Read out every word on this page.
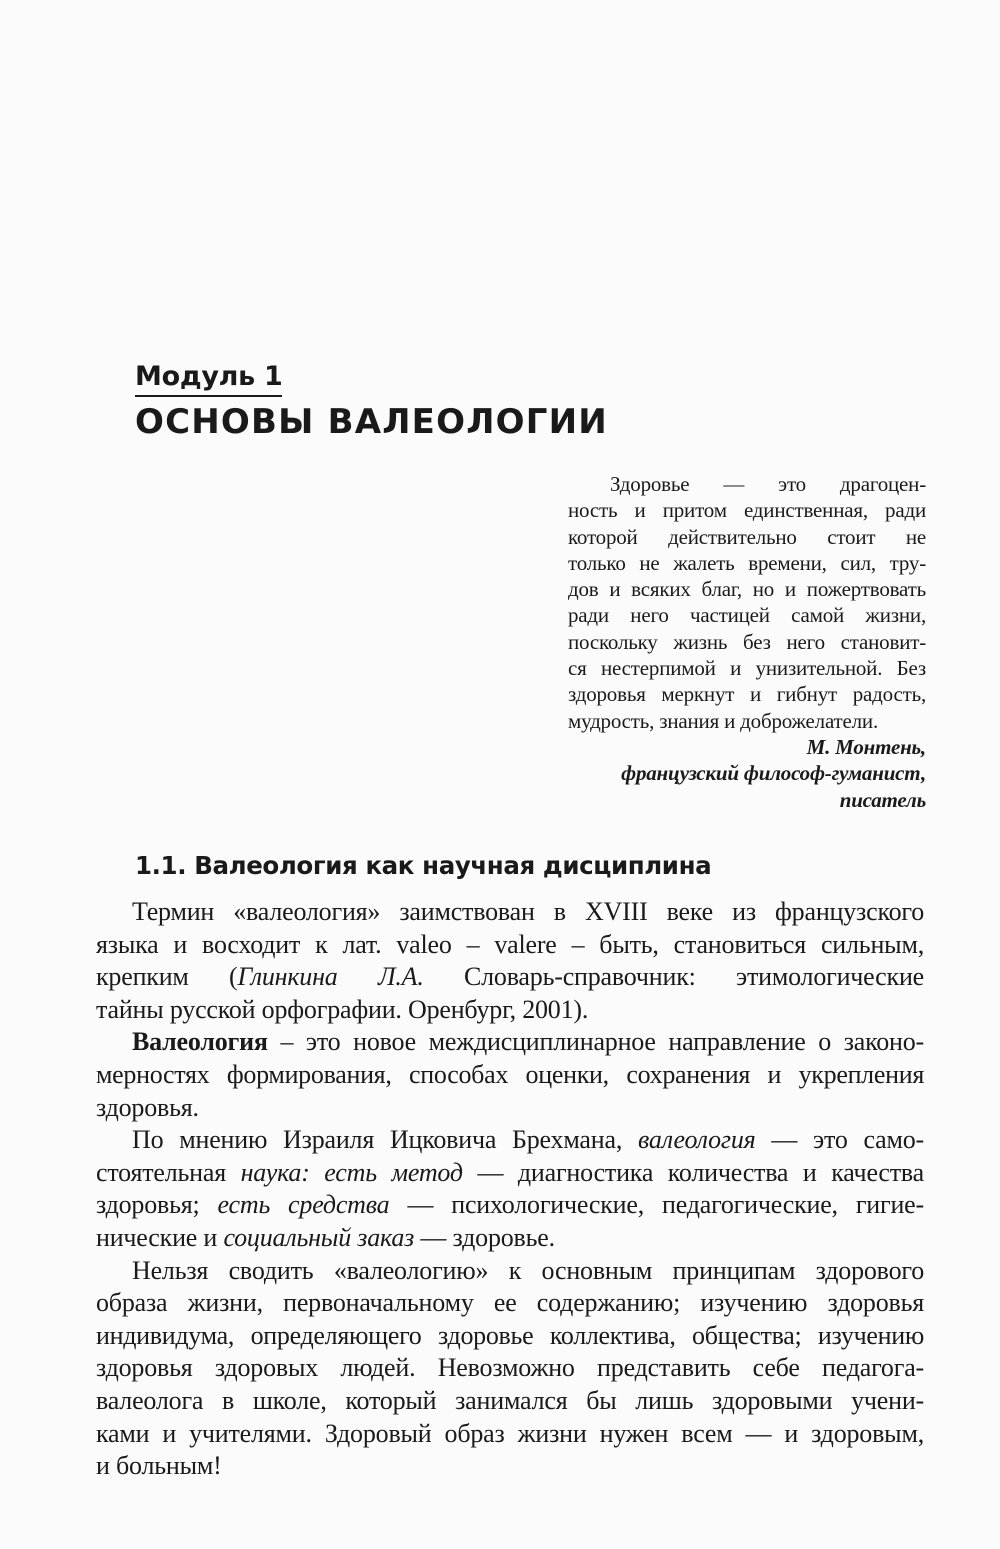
Модуль 1
ОСНОВЫ ВАЛЕОЛОГИИ
Здоровье — это драгоцен-
ность и притом единственная, ради
которой действительно стоит не
только не жалеть времени, сил, тру-
дов и всяких благ, но и пожертвовать
ради него частицей самой жизни,
поскольку жизнь без него становит-
ся нестерпимой и унизительной. Без
здоровья меркнут и гибнут радость,
мудрость, знания и доброжелатели.
М. Монтень,
французский философ-гуманист,
писатель
1.1. Валеология как научная дисциплина
Термин «валеология» заимствован в XVIII веке из французского
языка и восходит к лат. valeo – valere – быть, становиться сильным,
крепким (Глинкина Л.А. Словарь-справочник: этимологические
тайны русской орфографии. Оренбург, 2001).
Валеология – это новое междисциплинарное направление о законо-
мерностях формирования, способах оценки, сохранения и укрепления
здоровья.
По мнению Израиля Ицковича Брехмана, валеология — это само-
стоятельная наука: есть метод — диагностика количества и качества
здоровья; есть средства — психологические, педагогические, гигие-
нические и социальный заказ — здоровье.
Нельзя сводить «валеологию» к основным принципам здорового
образа жизни, первоначальному ее содержанию; изучению здоровья
индивидума, определяющего здоровье коллектива, общества; изучению
здоровья здоровых людей. Невозможно представить себе педагога-
валеолога в школе, который занимался бы лишь здоровыми учени-
ками и учителями. Здоровый образ жизни нужен всем — и здоровым,
и больным!
